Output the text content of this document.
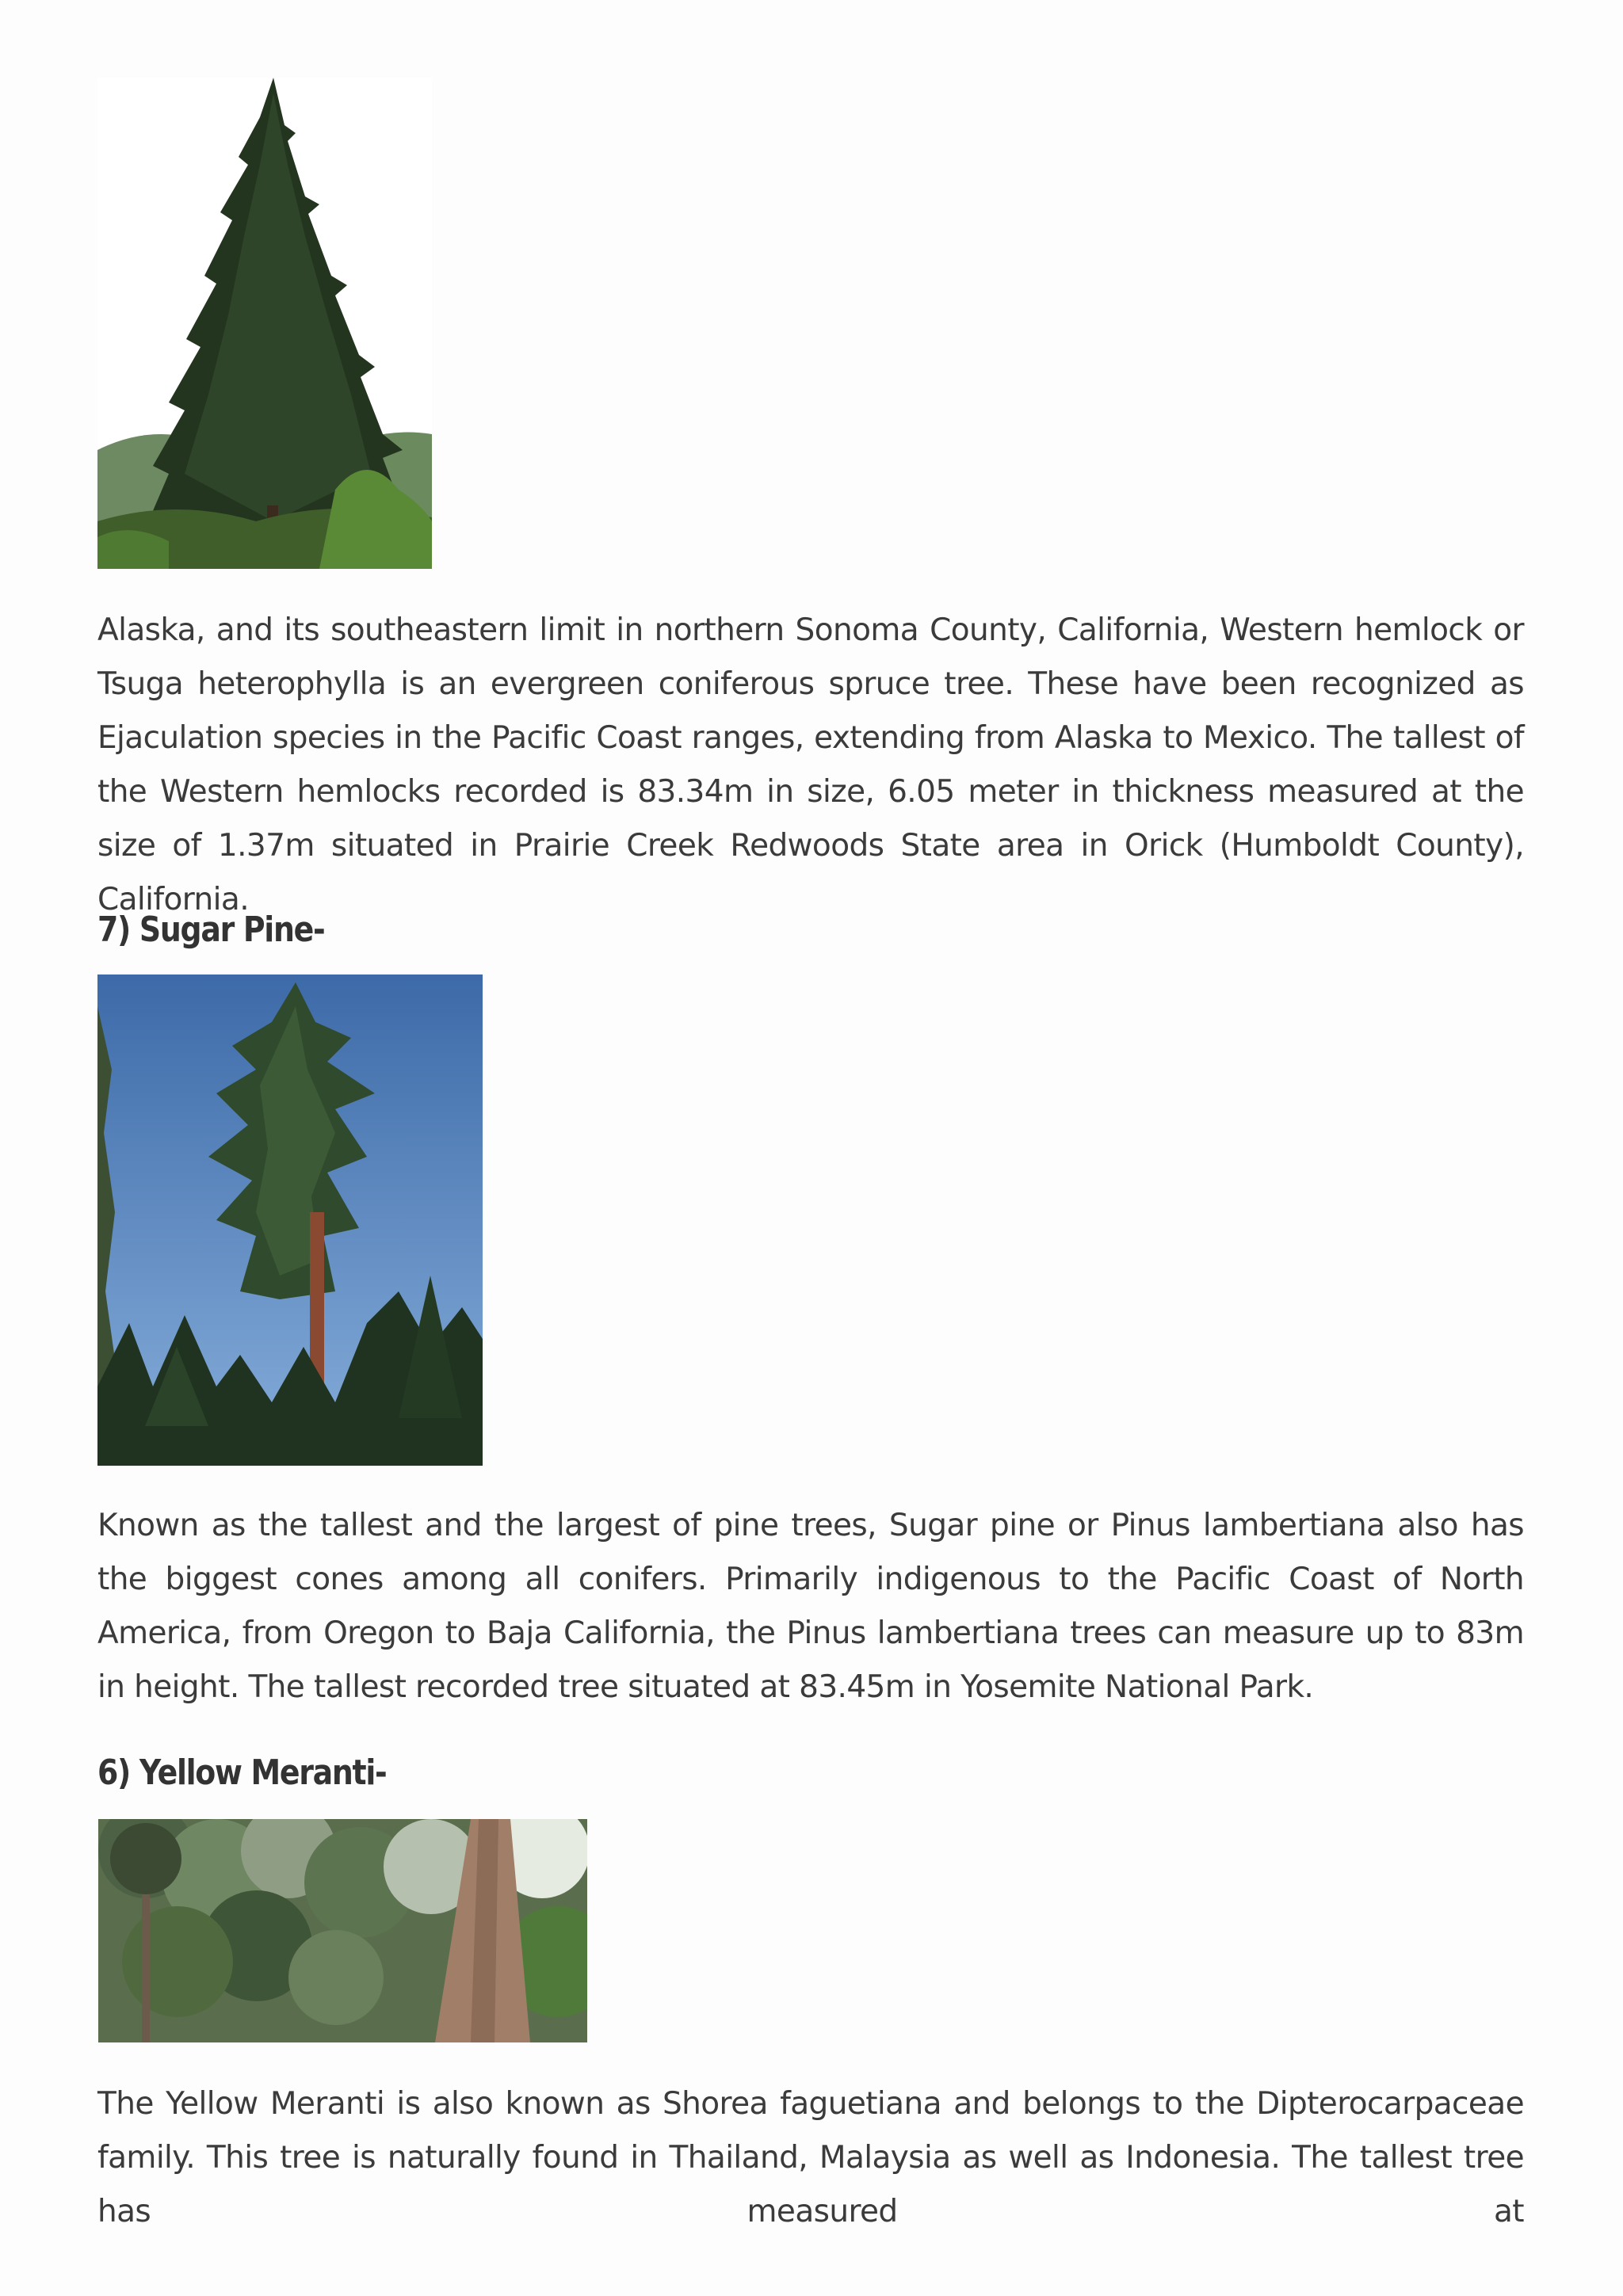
Alaska, and its southeastern limit in northern Sonoma County, California, Western hemlock or Tsuga heterophylla is an evergreen coniferous spruce tree. These have been recognized as Ejaculation species in the Pacific Coast ranges, extending from Alaska to Mexico. The tallest of the Western hemlocks recorded is 83.34m in size, 6.05 meter in thickness measured at the size of 1.37m situated in Prairie Creek Redwoods State area in Orick (Humboldt County), California.

7) Sugar Pine-

Known as the tallest and the largest of pine trees, Sugar pine or Pinus lambertiana also has the biggest cones among all conifers. Primarily indigenous to the Pacific Coast of North America, from Oregon to Baja California, the Pinus lambertiana trees can measure up to 83m in height. The tallest recorded tree situated at 83.45m in Yosemite National Park.

6) Yellow Meranti-

The Yellow Meranti is also known as Shorea faguetiana and belongs to the Dipterocarpaceae family. This tree is naturally found in Thailand, Malaysia as well as Indonesia. The tallest tree has measured at
